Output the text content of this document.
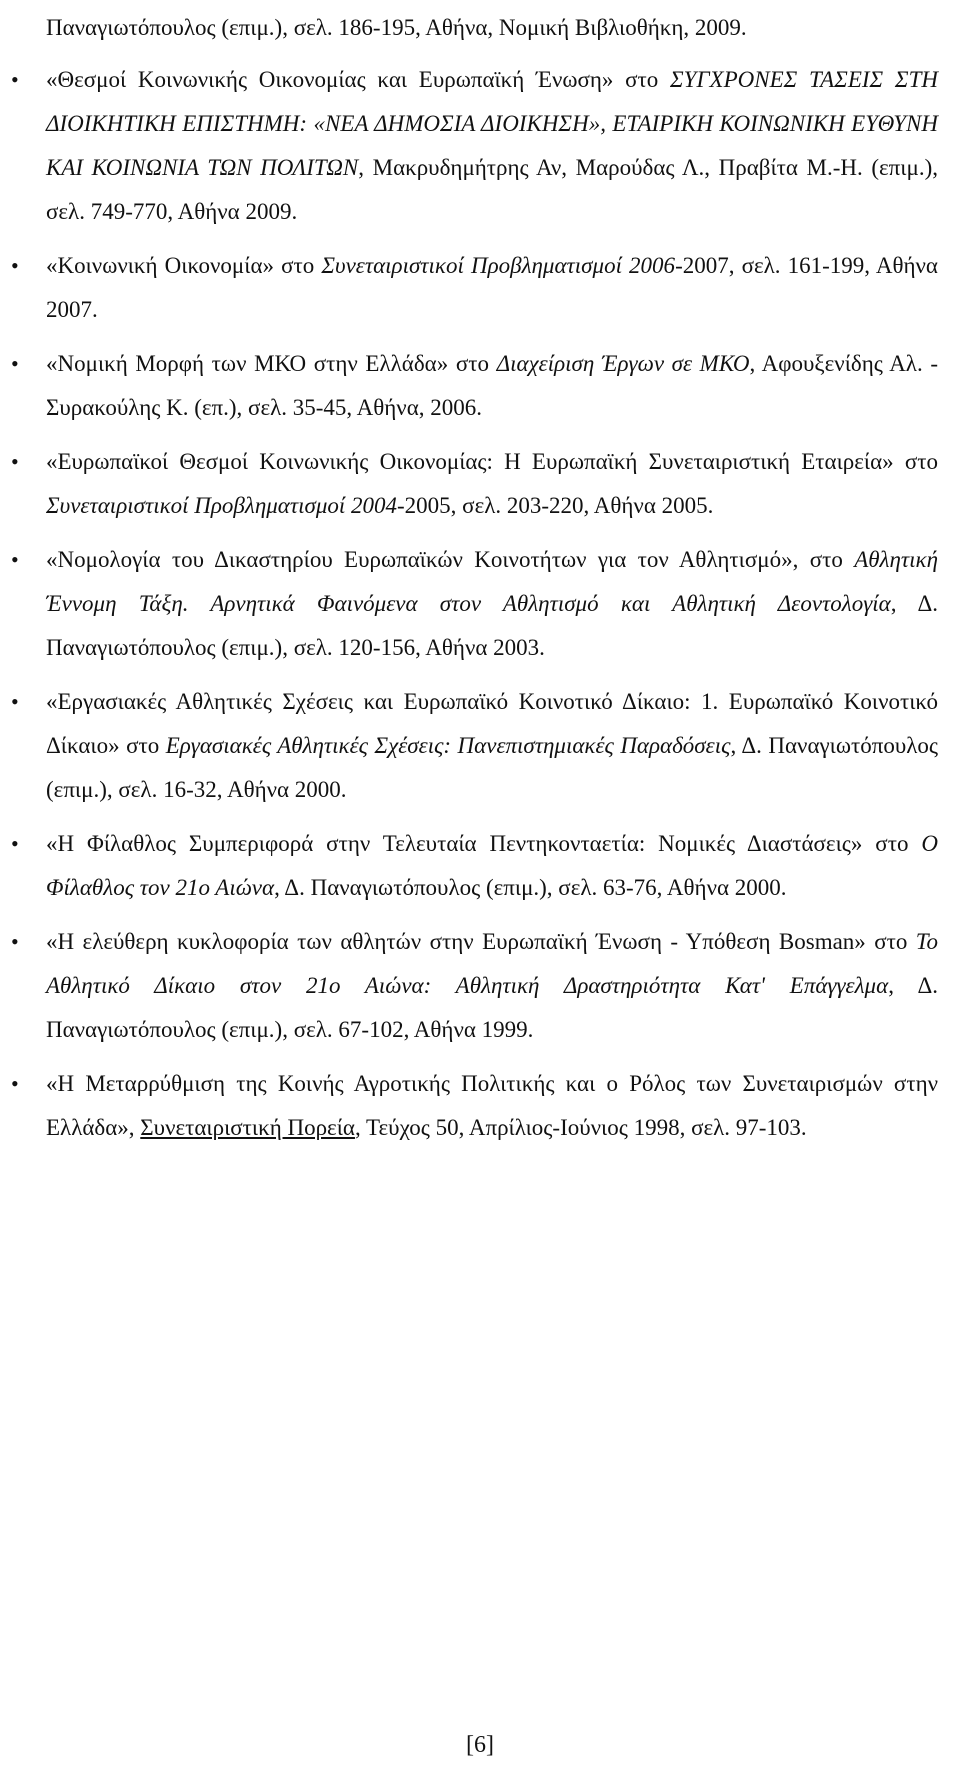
Παναγιωτόπουλος (επιμ.), σελ. 186-195, Αθήνα, Νομική Βιβλιοθήκη, 2009.

• «Θεσμοί Κοινωνικής Οικονομίας και Ευρωπαϊκή Ένωση» στο ΣΥΓΧΡΟΝΕΣ ΤΑΣΕΙΣ ΣΤΗ ΔΙΟΙΚΗΤΙΚΗ ΕΠΙΣΤΗΜΗ: «ΝΕΑ ΔΗΜΟΣΙΑ ΔΙΟΙΚΗΣΗ», ΕΤΑΙΡΙΚΗ ΚΟΙΝΩΝΙΚΗ ΕΥΘΥΝΗ ΚΑΙ ΚΟΙΝΩΝΙΑ ΤΩΝ ΠΟΛΙΤΩΝ, Μακρυδημήτρης Αν, Μαρούδας Λ., Πραβίτα Μ.-Η. (επιμ.), σελ. 749-770, Αθήνα 2009.
• «Κοινωνική Οικονομία» στο Συνεταιριστικοί Προβληματισμοί 2006-2007, σελ. 161-199, Αθήνα 2007.
• «Νομική Μορφή των ΜΚΟ στην Ελλάδα» στο Διαχείριση Έργων σε ΜΚΟ, Αφουξενίδης Αλ. - Συρακούλης Κ. (επ.), σελ. 35-45, Αθήνα, 2006.
• «Ευρωπαϊκοί Θεσμοί Κοινωνικής Οικονομίας: Η Ευρωπαϊκή Συνεταιριστική Εταιρεία» στο Συνεταιριστικοί Προβληματισμοί 2004-2005, σελ. 203-220, Αθήνα 2005.
• «Νομολογία του Δικαστηρίου Ευρωπαϊκών Κοινοτήτων για τον Αθλητισμό», στο Αθλητική Έννομη Τάξη. Αρνητικά Φαινόμενα στον Αθλητισμό και Αθλητική Δεοντολογία, Δ. Παναγιωτόπουλος (επιμ.), σελ. 120-156, Αθήνα 2003.
• «Εργασιακές Αθλητικές Σχέσεις και Ευρωπαϊκό Κοινοτικό Δίκαιο: 1. Ευρωπαϊκό Κοινοτικό Δίκαιο» στο Εργασιακές Αθλητικές Σχέσεις: Πανεπιστημιακές Παραδόσεις, Δ. Παναγιωτόπουλος (επιμ.), σελ. 16-32, Αθήνα 2000.
• «Η Φίλαθλος Συμπεριφορά στην Τελευταία Πεντηκονταετία: Νομικές Διαστάσεις» στο Ο Φίλαθλος τον 21ο Αιώνα, Δ. Παναγιωτόπουλος (επιμ.), σελ. 63-76, Αθήνα 2000.
• «Η ελεύθερη κυκλοφορία των αθλητών στην Ευρωπαϊκή Ένωση - Υπόθεση Bosman» στο Το Αθλητικό Δίκαιο στον 21ο Αιώνα: Αθλητική Δραστηριότητα Κατ' Επάγγελμα, Δ. Παναγιωτόπουλος (επιμ.), σελ. 67-102, Αθήνα 1999.
• «Η Μεταρρύθμιση της Κοινής Αγροτικής Πολιτικής και ο Ρόλος των Συνεταιρισμών στην Ελλάδα», Συνεταιριστική Πορεία, Τεύχος 50, Απρίλιος-Ιούνιος 1998, σελ. 97-103.
[6]
